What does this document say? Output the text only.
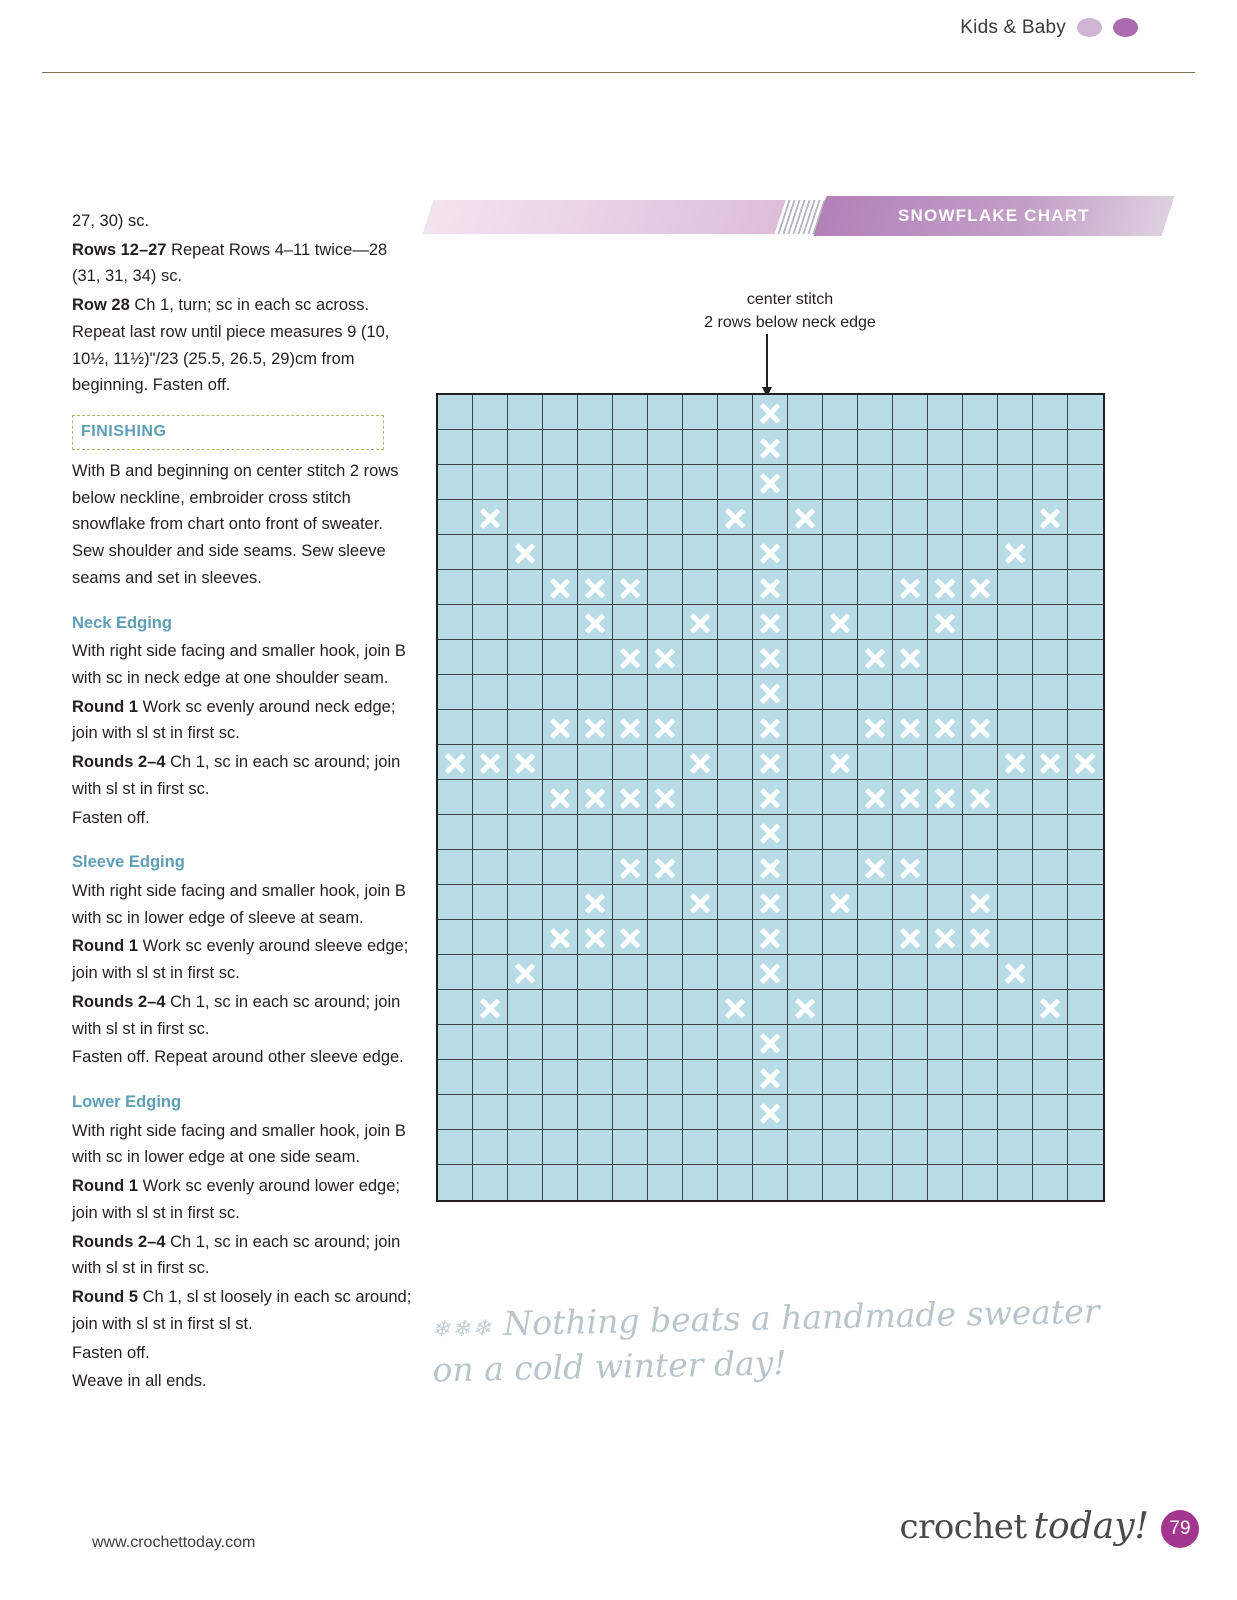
Kids & Baby	♥

27, 30) sc.

Rows 12–27 Repeat Rows 4–11 twice—28 (31, 31, 34) sc.

Row 28 Ch 1, turn; sc in each sc across. Repeat last row until piece measures 9 (10, 10½, 11½)"/23 (25.5, 26.5, 29)cm from beginning. Fasten off.

FINISHING

With B and beginning on center stitch 2 rows below neckline, embroider cross stitch snowflake from chart onto front of sweater. Sew shoulder and side seams. Sew sleeve seams and set in sleeves.

Neck Edging

With right side facing and smaller hook, join B with sc in neck edge at one shoulder seam.

Round 1 Work sc evenly around neck edge; join with sl st in first sc.

Rounds 2–4 Ch 1, sc in each sc around; join with sl st in first sc.

Fasten off.

Sleeve Edging

With right side facing and smaller hook, join B with sc in lower edge of sleeve at seam.

Round 1 Work sc evenly around sleeve edge; join with sl st in first sc.

Rounds 2–4 Ch 1, sc in each sc around; join with sl st in first sc.

Fasten off. Repeat around other sleeve edge.

Lower Edging

With right side facing and smaller hook, join B with sc in lower edge at one side seam.

Round 1 Work sc evenly around lower edge; join with sl st in first sc.

Rounds 2–4 Ch 1, sc in each sc around; join with sl st in first sc.

Round 5 Ch 1, sl st loosely in each sc around; join with sl st in first sl st.

Fasten off.

Weave in all ends.

SNOWFLAKE CHART
center stitch
2 rows below neck edge
❄❄❄ Nothing beats a handmade sweater
on a cold winter day!
www.crochettoday.com	crochet today!	79
